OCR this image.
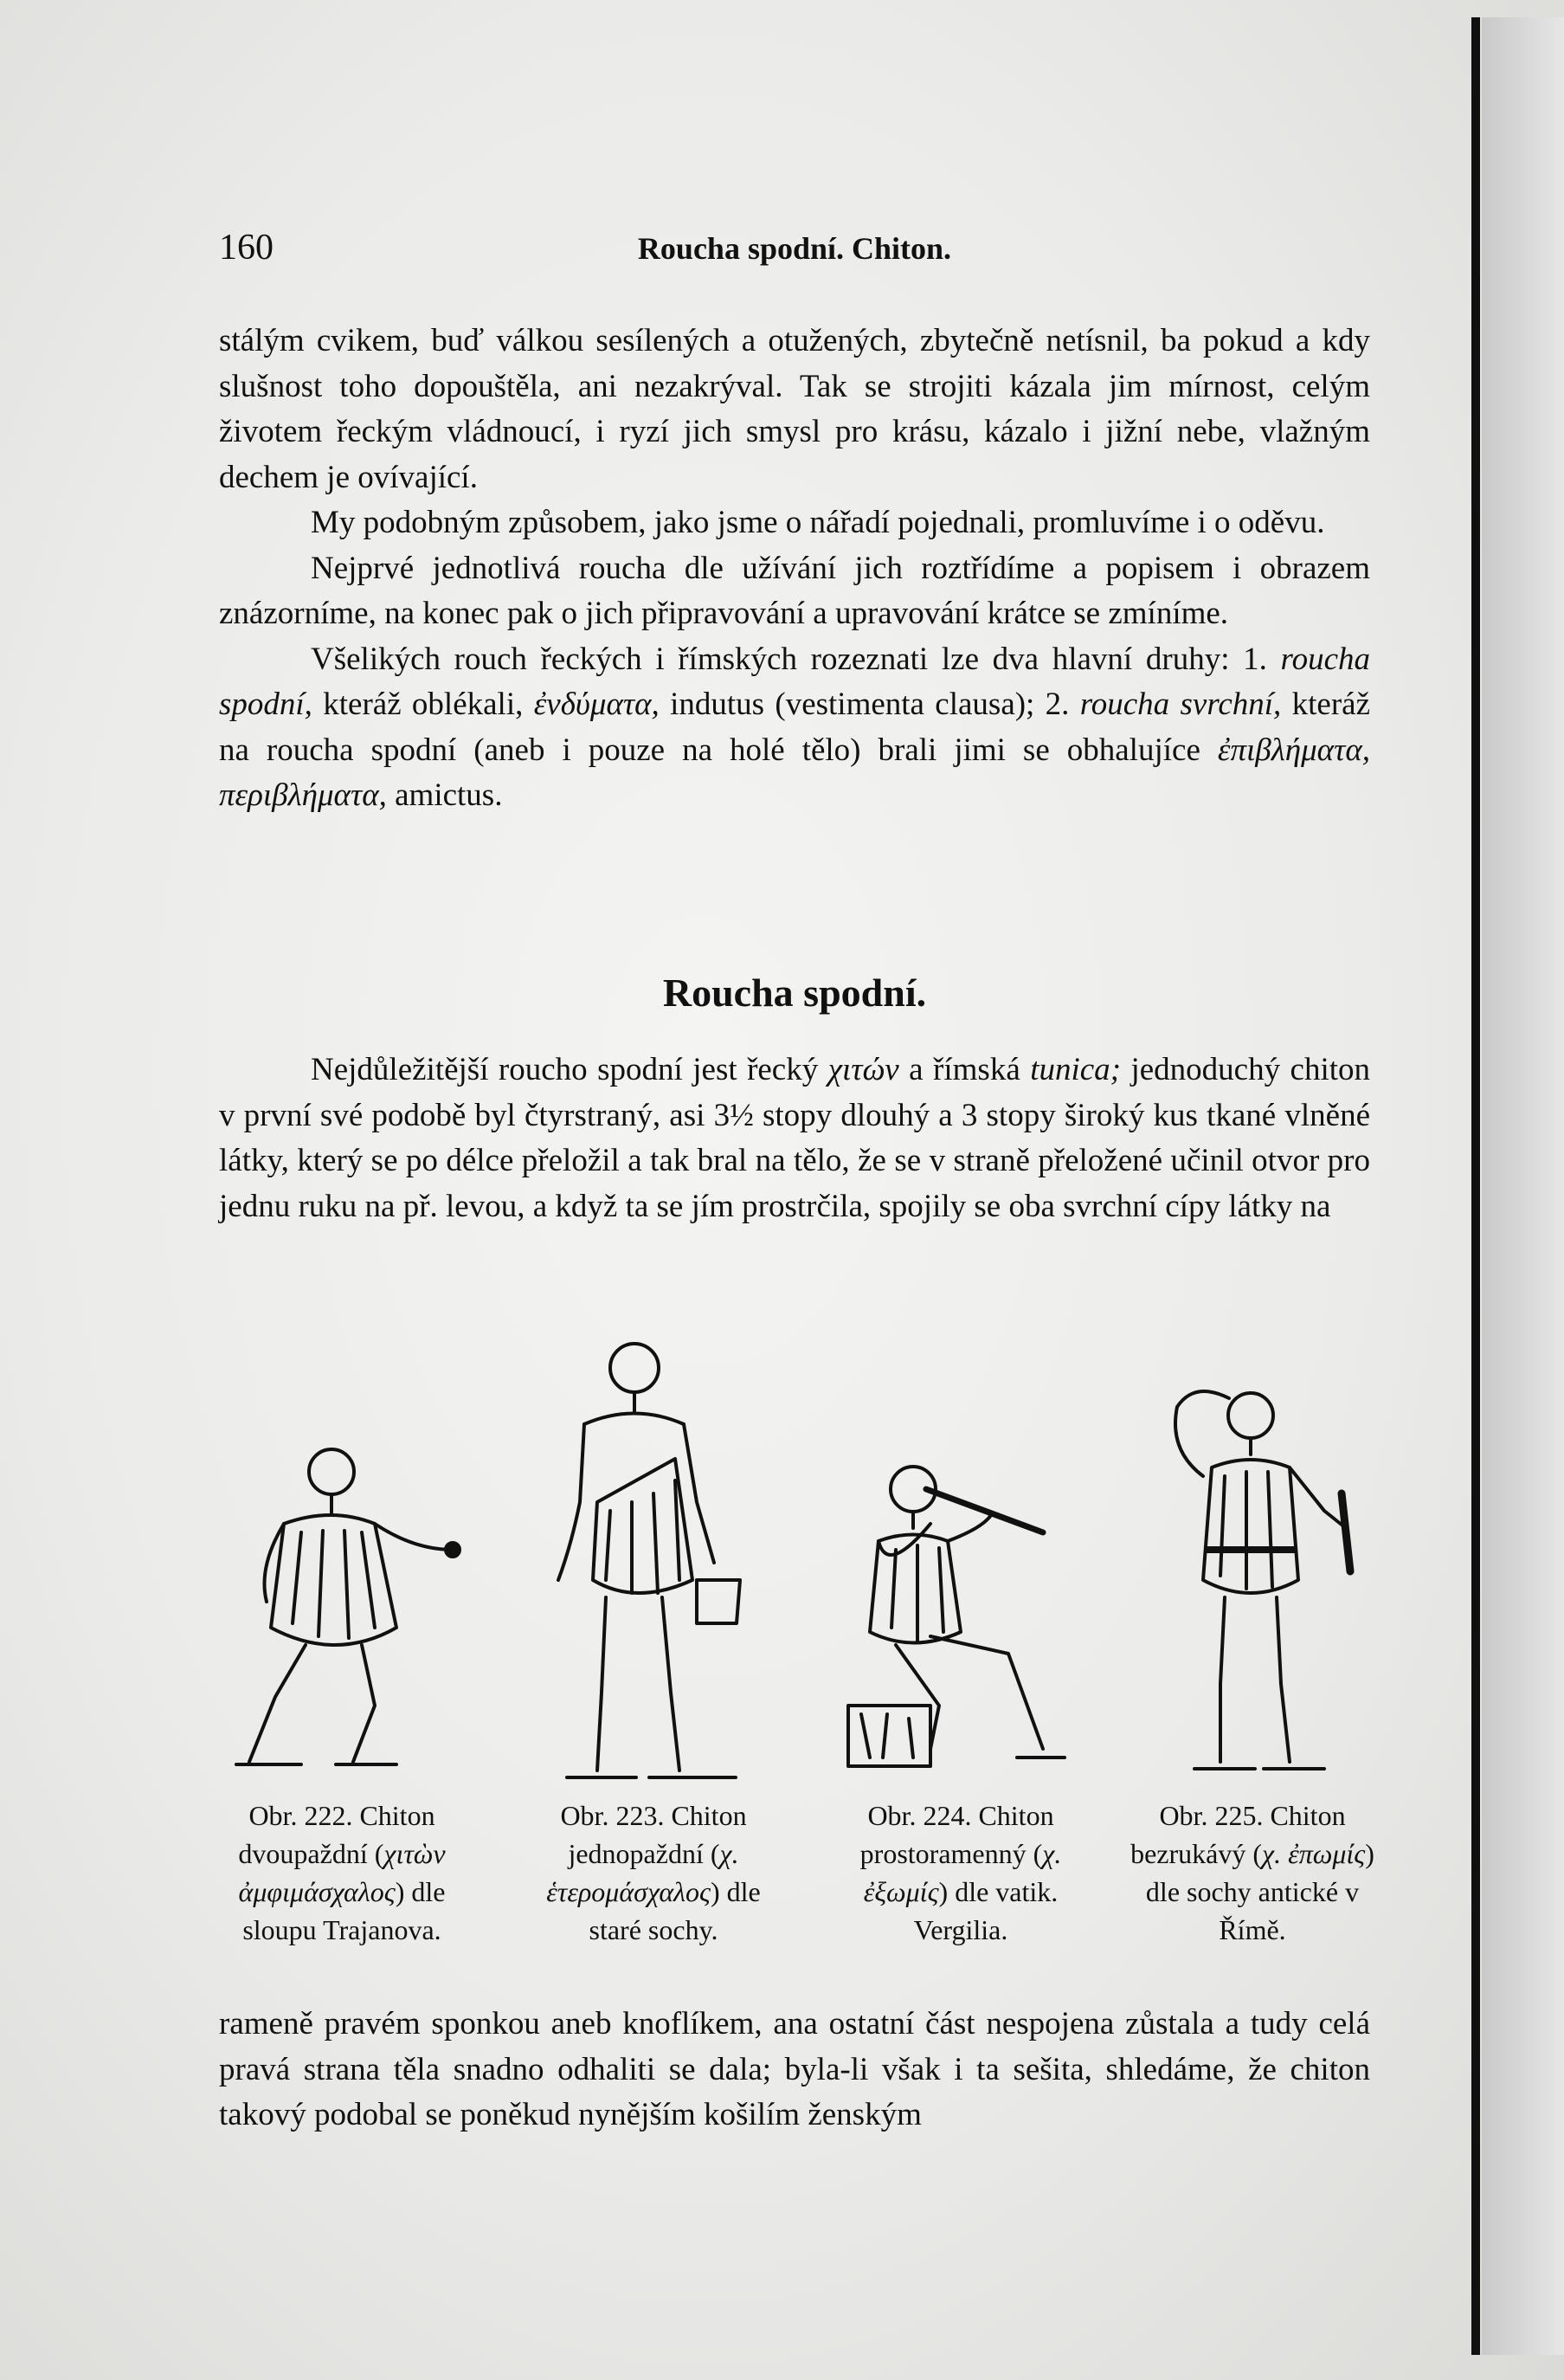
160	Roucha spodní. Chiton.

stálým cvikem, buď válkou sesílených a otužených, zbytečně netísnil, ba pokud a kdy slušnost toho dopouštěla, ani nezakrýval. Tak se strojiti kázala jim mírnost, celým životem řeckým vládnoucí, i ryzí jich smysl pro krásu, kázalo i jižní nebe, vlažným dechem je ovívající.

My podobným způsobem, jako jsme o nářadí pojednali, promluvíme i o oděvu.

Nejprvé jednotlivá roucha dle užívání jich roztřídíme a popisem i obrazem znázorníme, na konec pak o jich připravování a upravování krátce se zmíníme.

Všelikých rouch řeckých i římských rozeznati lze dva hlavní druhy: 1. roucha spodní, kteráž oblékali, ἐνδύματα, indutus (vestimenta clausa); 2. roucha svrchní, kteráž na roucha spodní (aneb i pouze na holé tělo) brali jimi se obhalujíce ἐπιβλήματα, περιβλήματα, amictus.

Roucha spodní.

Nejdůležitější roucho spodní jest řecký χιτών a římská tunica; jednoduchý chiton v první své podobě byl čtyrstraný, asi 3½ stopy dlouhý a 3 stopy široký kus tkané vlněné látky, který se po délce přeložil a tak bral na tělo, že se v straně přeložené učinil otvor pro jednu ruku na př. levou, a když ta se jím prostrčila, spojily se oba svrchní cípy látky na

Obr. 222. Chiton dvoupaždní (χιτὼν ἀμφιμάσχαλος) dle sloupu Trajanova.
Obr. 223. Chiton jednopaždní (χ. ἑτερομάσχαλος) dle staré sochy.
Obr. 224. Chiton prostoramenný (χ. ἐξωμίς) dle vatik. Vergilia.
Obr. 225. Chiton bezrukávý (χ. ἐπωμίς) dle sochy antické v Římě.

rameně pravém sponkou aneb knoflíkem, ana ostatní část nespojena zůstala a tudy celá pravá strana těla snadno odhaliti se dala; byla-li však i ta sešita, shledáme, že chiton takový podobal se poněkud nynějším košilím ženským
